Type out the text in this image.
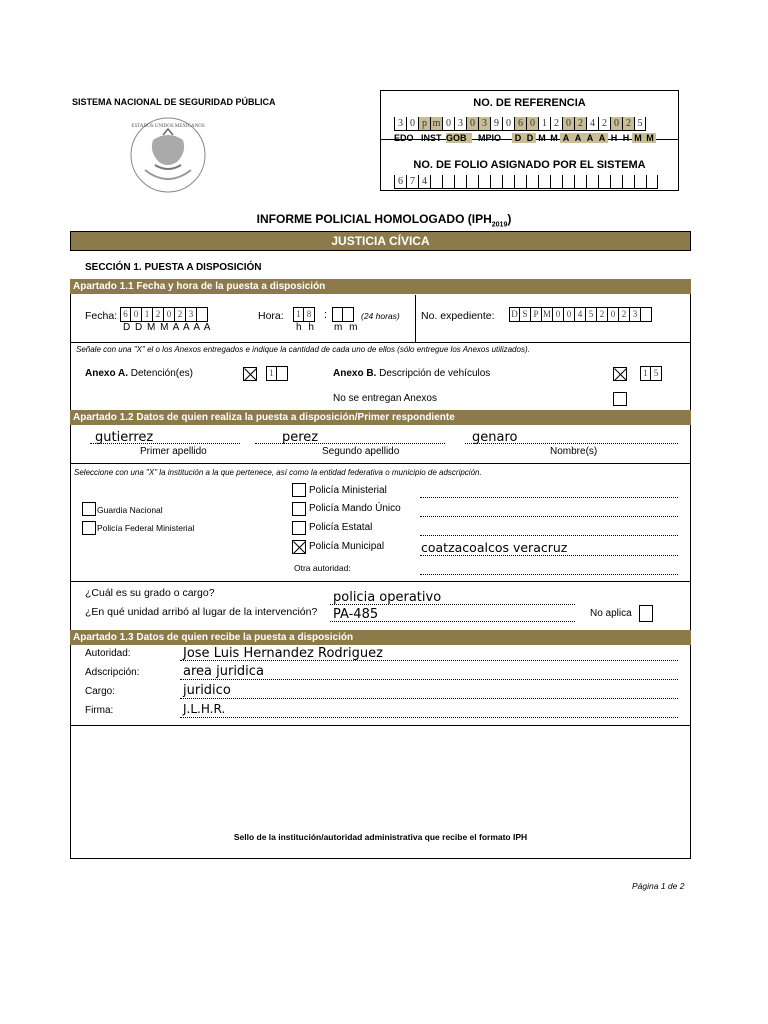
SISTEMA NACIONAL DE SEGURIDAD PÚBLICA
ESTADOS UNIDOS MEXICANOS
NO. DE REFERENCIA
NO. DE FOLIO ASIGNADO POR EL SISTEMA
3 0 p m 0 3 0 3 9 0 6 0 1 2 0 2 4 2 0 2 5
EDO INST GOB	MPIO	D D M M A A A A H H M M
6 7 4
INFORME POLICIAL HOMOLOGADO $(IPH_{2019})$
JUSTICIA CÍVICA
SECCIÓN 1. PUESTA A DISPOSICIÓN
Apartado 1.1 Fecha y hora de la puesta a disposición
Fecha: 6 0 1 2 0 2 3
D D M M A A A A
Hora:	1 8	:
h h m m
(24 horas) No. expediente: D S P M 0 0 4 5 2 0 2 3
Señale con una "X" el o los Anexos entregados e indique la cantidad de cada uno de ellos (sólo entregue los Anexos utilizados).
Anexo A. Detención(es)	1	Anexo B. Descripción de vehículos	1 5
No se entregan Anexos
Apartado 1.2 Datos de quien realiza la puesta a disposición/Primer respondiente
gutierrez	perez	genaro
Primer apellido	Segundo apellido	Nombre(s)
Seleccione con una "X" la institución a la que pertenece, así como la entidad federativa o municipio de adscripción.
Guardia Nacional
Policía Federal Ministerial
Policía Ministerial
Policía Mando Único
Policía Estatal
Policía Municipal	coatzacoalcos veracruz
Otra autoridad:
¿Cuál es su grado o cargo?	policia operativo
¿En qué unidad arribó al lugar de la intervención? PA-485	No aplica
Apartado 1.3 Datos de quien recibe la puesta a disposición
Autoridad:	Jose Luis Hernandez Rodriguez
Adscripción:	area juridica
Cargo:	juridico
Firma:	J.L.H.R.
Sello de la institución/autoridad administrativa que recibe el formato IPH
Página 1 de 2
